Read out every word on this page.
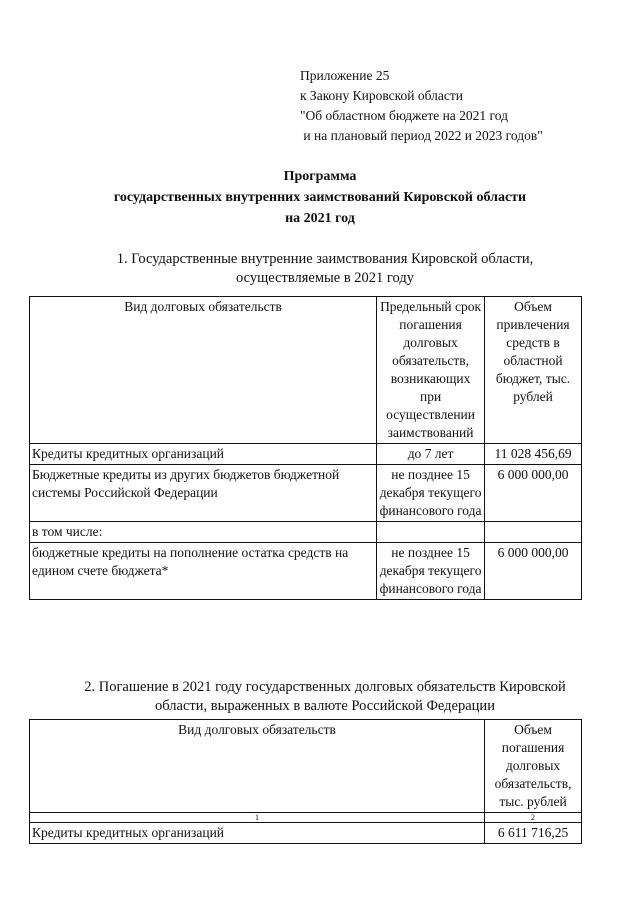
Приложение 25
к Закону Кировской области
"Об областном бюджете на 2021 год
и на плановый период 2022 и 2023 годов"
Программа
государственных внутренних заимствований Кировской области
на 2021 год
1. Государственные внутренние заимствования Кировской области,
осуществляемые в 2021 году
Вид долговых обязательств	Предельный срок погашения долговых обязательств, возникающих при осуществлении заимствований	Объем привлечения средств в областной бюджет, тыс. рублей
Кредиты кредитных организаций	до 7 лет	11 028 456,69
Бюджетные кредиты из других бюджетов бюджетной системы Российской Федерации	не позднее 15 декабря текущего финансового года	6 000 000,00
в том числе:		
бюджетные кредиты на пополнение остатка средств на едином счете бюджета*	не позднее 15 декабря текущего финансового года	6 000 000,00
2. Погашение в 2021 году государственных долговых обязательств Кировской
области, выраженных в валюте Российской Федерации
Вид долговых обязательств	Объем погашения долговых обязательств, тыс. рублей
1	2
Кредиты кредитных организаций	6 611 716,25
